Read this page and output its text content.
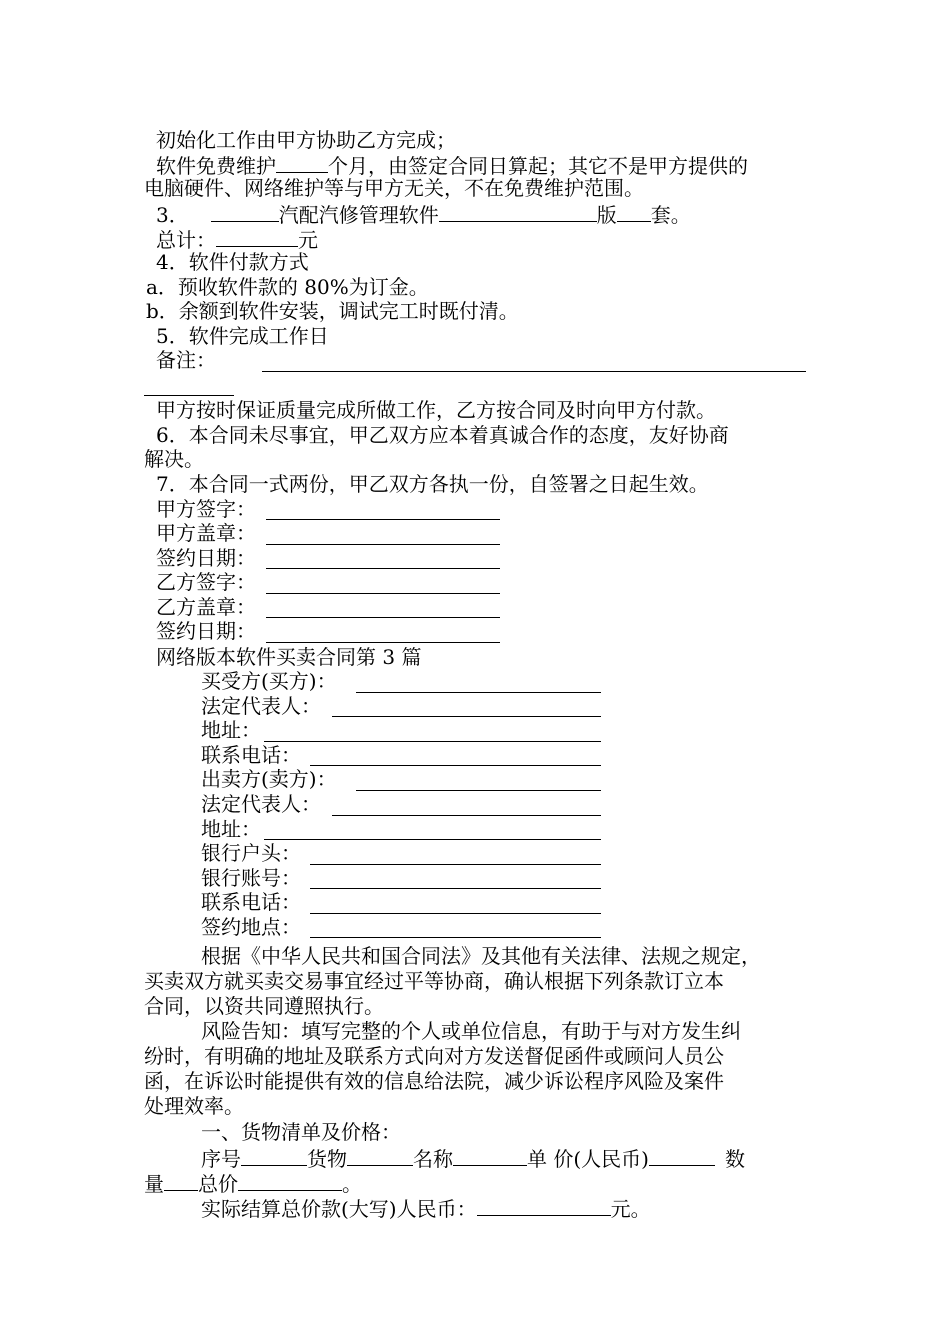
初始化工作由甲方协助乙方完成；
软件免费维护	个月，由签定合同日算起；其它不是甲方提供的
电脑硬件、网络维护等与甲方无关，不在免费维护范围。
3．	汽配汽修管理软件	版 套。
总计：	元
4．软件付款方式
a．预收软件款的 80%为订金。
b．余额到软件安装，调试完工时既付清。
5．软件完成工作日
备注：
甲方按时保证质量完成所做工作，乙方按合同及时向甲方付款。
6．本合同未尽事宜，甲乙双方应本着真诚合作的态度，友好协商
解决。
7．本合同一式两份，甲乙双方各执一份，自签署之日起生效。
甲方签字：
甲方盖章：
签约日期：
乙方签字：
乙方盖章：
签约日期：
网络版本软件买卖合同第 3 篇
买受方(买方)：
法定代表人：
地址：
联系电话：
出卖方(卖方)：
法定代表人：
地址：
银行户头：
银行账号：
联系电话：
签约地点：
根据《中华人民共和国合同法》及其他有关法律、法规之规定，
买卖双方就买卖交易事宜经过平等协商，确认根据下列条款订立本
合同，以资共同遵照执行。
风险告知：填写完整的个人或单位信息，有助于与对方发生纠
纷时，有明确的地址及联系方式向对方发送督促函件或顾问人员公
函，在诉讼时能提供有效的信息给法院，减少诉讼程序风险及案件
处理效率。
一、货物清单及价格：
序号	货物	名称	单 价(人民币)	数
量 总价	。
实际结算总价款(大写)人民币：	元。
